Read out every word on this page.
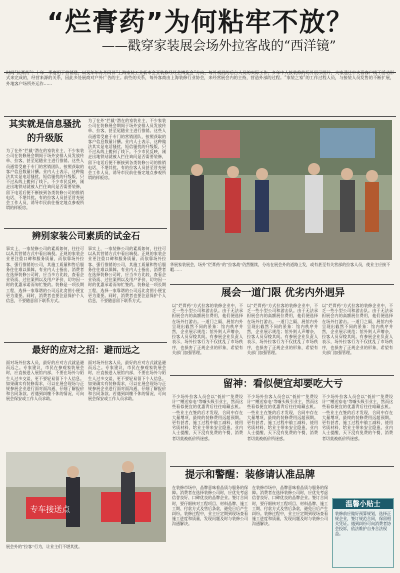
“烂膏药”为何粘牢不放？
——戳穿家装展会场外拉客战的“西洋镜”
时间“抗膏药”？十年一季度用于营销建，以及年年办外同伴“上海家装工业新市会亚装修经经会博览会”方向，每外观展的后台人员的实际工作，多年中人接装修的场外展示图片，大家通过中央看客户线下活动形式来完成的，经营来源的关系，因此多处展商对户外广告的主。前些的关系，每外客商由上海装修行业协会，来经营展会内的主持，营造外部的过程。“家装之家”的工作过程人员，与接装人员发售的不断扩展，外地客户场所外运作……
其实就是信息骚扰的升级版
为了在外“拦截”潜在的家装业主，不少家装公司在装修展会期间于场外安排人员发放传单、拉客，甚至尾随业主进行推销。这些人员通常受雇于专门的营销团队，按照获取的客户信息数量计酬。业内人士表示，这种做法其实是电话骚扰、短信骚扰的升级版，只不过从线上搬到了线下。不少市民反映，刚走出地铁站就被人拦住询问是否需要装修，留下电话后便不断接到各类装修公司的推销电话，不堪其扰。有的拉客人员甚至冒充展会工作人员，诱导市民前往指定地点参观所谓的样板房。
为了在外“拦截”潜在的家装业主，不少家装公司在装修展会期间于场外安排人员发放传单、拉客，甚至尾随业主进行推销。这些人员通常受雇于专门的营销团队，按照获取的客户信息数量计酬。业内人士表示，这种做法其实是电话骚扰、短信骚扰的升级版，只不过从线上搬到了线下。不少市民反映，刚走出地铁站就被人拦住询问是否需要装修，留下电话后便不断接到各类装修公司的推销电话，不堪其扰。有的拉客人员甚至冒充展会工作人员，诱导市民前往指定地点参观所谓的样板房。
华展家装展会，场外“烂膏药”的“拉客战”仍然继续，分站在展会外的道路上发，或有甚至有关营部的拉客人员，使业主应接不暇……
辨别家装公司素质的试金石
事实上，一家装修公司的素质如何，往往可以从其营销方式中看出端倪。正规的家装企业更注重口碑和服务质量，而依靠场外拉客、强行推销的公司，其施工质量和售后服务往往难以保障。有业内人士指出，消费者在选择装修公司时，应当多方比较，查看企业资质、过往案例以及用户评价，切勿因一时的优惠承诺而匆忙签约。装修是一项长期工程，选择一家靠谱的公司远比贪图小便宜更为重要。同时，消费者也要注意保护个人信息，不要随意留下联系方式。
事实上，一家装修公司的素质如何，往往可以从其营销方式中看出端倪。正规的家装企业更注重口碑和服务质量，而依靠场外拉客、强行推销的公司，其施工质量和售后服务往往难以保障。有业内人士指出，消费者在选择装修公司时，应当多方比较，查看企业资质、过往案例以及用户评价，切勿因一时的优惠承诺而匆忙签约。装修是一项长期工程，选择一家靠谱的公司远比贪图小便宜更为重要。同时，消费者也要注意保护个人信息，不要随意留下联系方式。
最好的应对之招：避而远之
面对场外拉客人员，最好的应对方式就是避而远之。专家建议，市民在参观家装展会时，应直接进入展馆内部，不要在场外与陌生人过多交谈，更不要轻易留下个人信息。如果确实有装修需求，可以在展会现场与正规参展企业进行面对面沟通，仔细了解报价和合同条款。若遇到纠缠不休的情况，可向展会保安或工作人员求助。
面对场外拉客人员，最好的应对方式就是避而远之。专家建议，市民在参观家装展会时，应直接进入展馆内部，不要在场外与陌生人过多交谈，更不要轻易留下个人信息。如果确实有装修需求，可以在展会现场与正规参展企业进行面对面沟通，仔细了解报价和合同条款。若遇到纠缠不休的情况，可向展会保安或工作人员求助。
专车接送点
展会外的“拉客”行为，让业主们不堪其扰。
展会一道门限 优劣内外迥异
以“烂膏药”方式拉客的装修企业中，不乏一些小型公司和游击队。由于无法承担展会内的高额展位费用，他们便选择在场外打游击。一道门之隔，展馆内外呈现出截然不同的景象：馆内秩序井然，企业展示规范；馆外则人声嘈杂，拉客人员穿梭其间。有参展企业负责人表示，场外拉客行为不仅扰乱了市场秩序，也损害了正规企业的形象，希望有关部门加强管理。
以“烂膏药”方式拉客的装修企业中，不乏一些小型公司和游击队。由于无法承担展会内的高额展位费用，他们便选择在场外打游击。一道门之隔，展馆内外呈现出截然不同的景象：馆内秩序井然，企业展示规范；馆外则人声嘈杂，拉客人员穿梭其间。有参展企业负责人表示，场外拉客行为不仅扰乱了市场秩序，也损害了正规企业的形象，希望有关部门加强管理。
以“烂膏药”方式拉客的装修企业中，不乏一些小型公司和游击队。由于无法承担展会内的高额展位费用，他们便选择在场外打游击。一道门之隔，展馆内外呈现出截然不同的景象：馆内秩序井然，企业展示规范；馆外则人声嘈杂，拉客人员穿梭其间。有参展企业负责人表示，场外拉客行为不仅扰乱了市场秩序，也损害了正规企业的形象，希望有关部门加强管理。
留神：看似便宜却要吃大亏
不少场外拉客人员会以“低价”“免费设计”“赠送家电”等噱头吸引业主，然而这些看似便宜的优惠背后往往暗藏玄机。一些业主在签约后才发现，合同中存在大量增项，最终的装修费用远超预期。更有甚者，施工过程中偷工减料，使用劣质材料，给业主带来安全隐患。业内人士提醒，天下没有免费的午餐，消费者切莫被低价所迷惑。
不少场外拉客人员会以“低价”“免费设计”“赠送家电”等噱头吸引业主，然而这些看似便宜的优惠背后往往暗藏玄机。一些业主在签约后才发现，合同中存在大量增项，最终的装修费用远超预期。更有甚者，施工过程中偷工减料，使用劣质材料，给业主带来安全隐患。业内人士提醒，天下没有免费的午餐，消费者切莫被低价所迷惑。
不少场外拉客人员会以“低价”“免费设计”“赠送家电”等噱头吸引业主，然而这些看似便宜的优惠背后往往暗藏玄机。一些业主在签约后才发现，合同中存在大量增项，最终的装修费用远超预期。更有甚者，施工过程中偷工减料，使用劣质材料，给业主带来安全隐患。业内人士提醒，天下没有免费的午餐，消费者切莫被低价所迷惑。
提示和警醒：装修请认准品牌
在装修市场中，品牌意味着品质与服务的保障。消费者在选择装修公司时，应优先考虑信誉良好、口碑优良的品牌企业。签订合同时，要仔细核对工程项目、材料品牌、施工工期、付款方式及售后条款，避免日后产生纠纷。装修过程中，业主应定期到现场查看施工进度和质量，发现问题及时与装修公司沟通解决。
在装修市场中，品牌意味着品质与服务的保障。消费者在选择装修公司时，应优先考虑信誉良好、口碑优良的品牌企业。签订合同时，要仔细核对工程项目、材料品牌、施工工期、付款方式及售后条款，避免日后产生纠纷。装修过程中，业主应定期到现场查看施工进度和质量，发现问题及时与装修公司沟通解决。
温馨小贴士
装修前应做好预算规划，选择正规企业，签订规范合同，保留相关凭证。遇到纠纷可向消费者协会投诉，依法维护自身合法权益。
